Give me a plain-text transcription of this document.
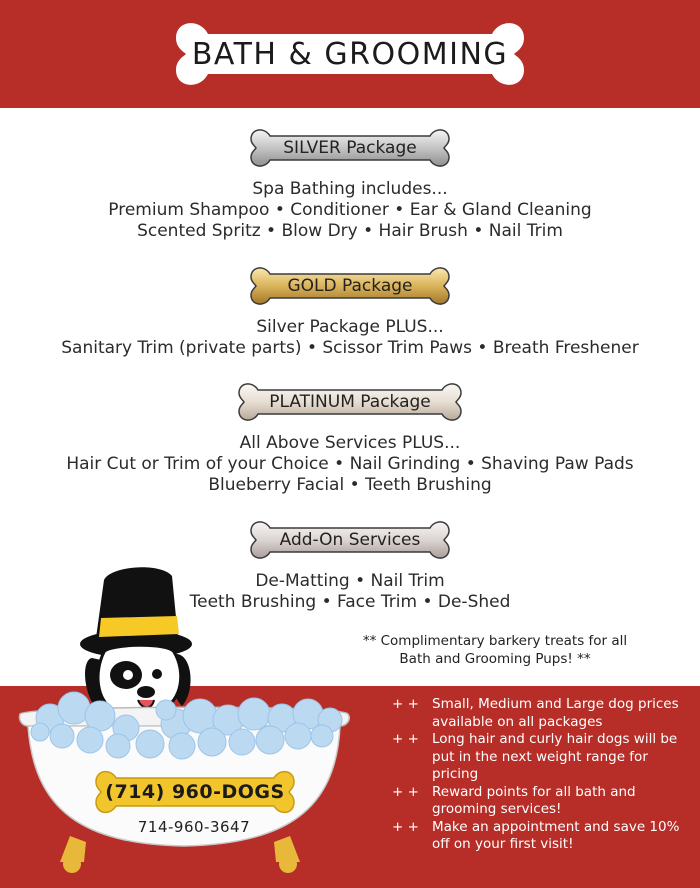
BATH & GROOMING
SILVER Package
Spa Bathing includes...
Premium Shampoo • Conditioner • Ear & Gland Cleaning
Scented Spritz • Blow Dry • Hair Brush • Nail Trim
GOLD Package
Silver Package PLUS...
Sanitary Trim (private parts) • Scissor Trim Paws • Breath Freshener
PLATINUM Package
All Above Services PLUS...
Hair Cut or Trim of your Choice • Nail Grinding • Shaving Paw Pads
Blueberry Facial • Teeth Brushing
Add-On Services
De-Matting • Nail Trim
Teeth Brushing • Face Trim • De-Shed
** Complimentary barkery treats for all
Bath and Grooming Pups! **
(714) 960-DOGS
714-960-3647
+ + Small, Medium and Large dog prices available on all packages
+ + Long hair and curly hair dogs will be put in the next weight range for pricing
+ + Reward points for all bath and grooming services!
+ + Make an appointment and save 10% off on your first visit!
